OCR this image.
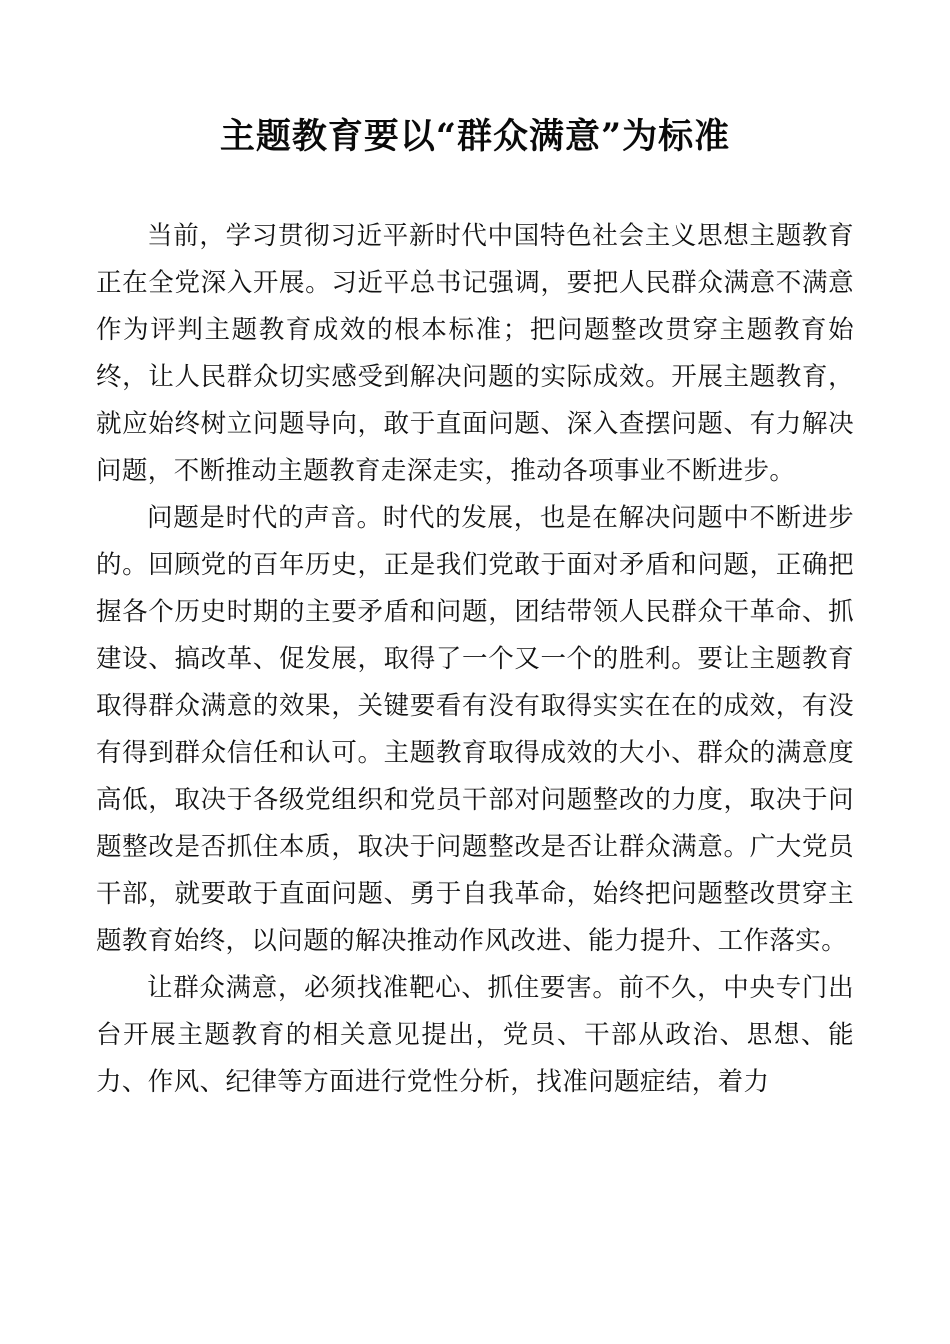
主题教育要以“群众满意”为标准

当前，学习贯彻习近平新时代中国特色社会主义思想主题教育正在全党深入开展。习近平总书记强调，要把人民群众满意不满意作为评判主题教育成效的根本标准；把问题整改贯穿主题教育始终，让人民群众切实感受到解决问题的实际成效。开展主题教育，就应始终树立问题导向，敢于直面问题、深入查摆问题、有力解决问题，不断推动主题教育走深走实，推动各项事业不断进步。

问题是时代的声音。时代的发展，也是在解决问题中不断进步的。回顾党的百年历史，正是我们党敢于面对矛盾和问题，正确把握各个历史时期的主要矛盾和问题，团结带领人民群众干革命、抓建设、搞改革、促发展，取得了一个又一个的胜利。要让主题教育取得群众满意的效果，关键要看有没有取得实实在在的成效，有没有得到群众信任和认可。主题教育取得成效的大小、群众的满意度高低，取决于各级党组织和党员干部对问题整改的力度，取决于问题整改是否抓住本质，取决于问题整改是否让群众满意。广大党员干部，就要敢于直面问题、勇于自我革命，始终把问题整改贯穿主题教育始终，以问题的解决推动作风改进、能力提升、工作落实。

让群众满意，必须找准靶心、抓住要害。前不久，中央专门出台开展主题教育的相关意见提出，党员、干部从政治、思想、能力、作风、纪律等方面进行党性分析，找准问题症结，着力
